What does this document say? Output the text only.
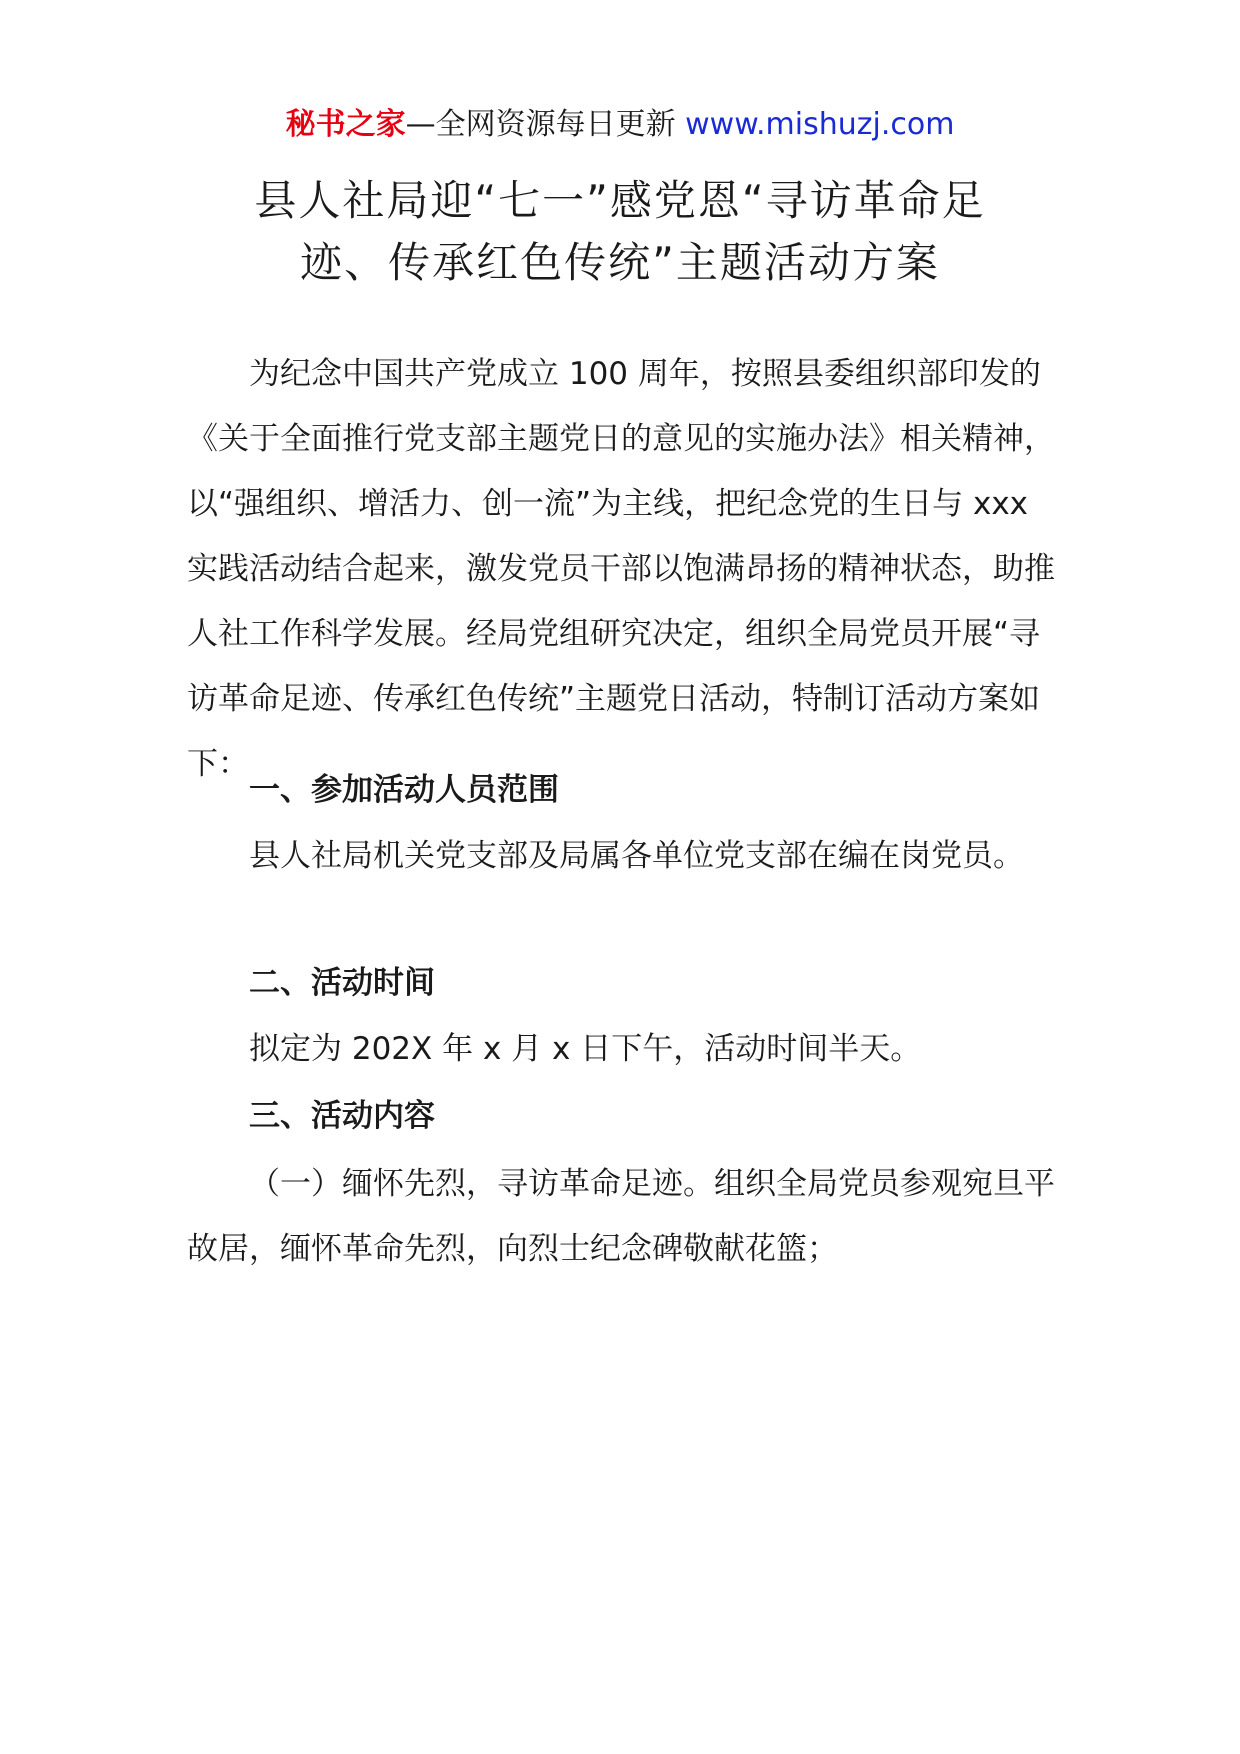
秘书之家—全网资源每日更新 www.mishuzj.com
县人社局迎“七一”感党恩“寻访革命足
迹、传承红色传统”主题活动方案

为纪念中国共产党成立 100 周年，按照县委组织部印发的《关于全面推行党支部主题党日的意见的实施办法》相关精神，以“强组织、增活力、创一流”为主线，把纪念党的生日与 xxx 实践活动结合起来，激发党员干部以饱满昂扬的精神状态，助推人社工作科学发展。经局党组研究决定，组织全局党员开展“寻访革命足迹、传承红色传统”主题党日活动，特制订活动方案如下：

一、参加活动人员范围

县人社局机关党支部及局属各单位党支部在编在岗党员。

二、活动时间

拟定为 202X 年 x 月 x 日下午，活动时间半天。

三、活动内容

（一）缅怀先烈，寻访革命足迹。组织全局党员参观宛旦平故居，缅怀革命先烈，向烈士纪念碑敬献花篮；
